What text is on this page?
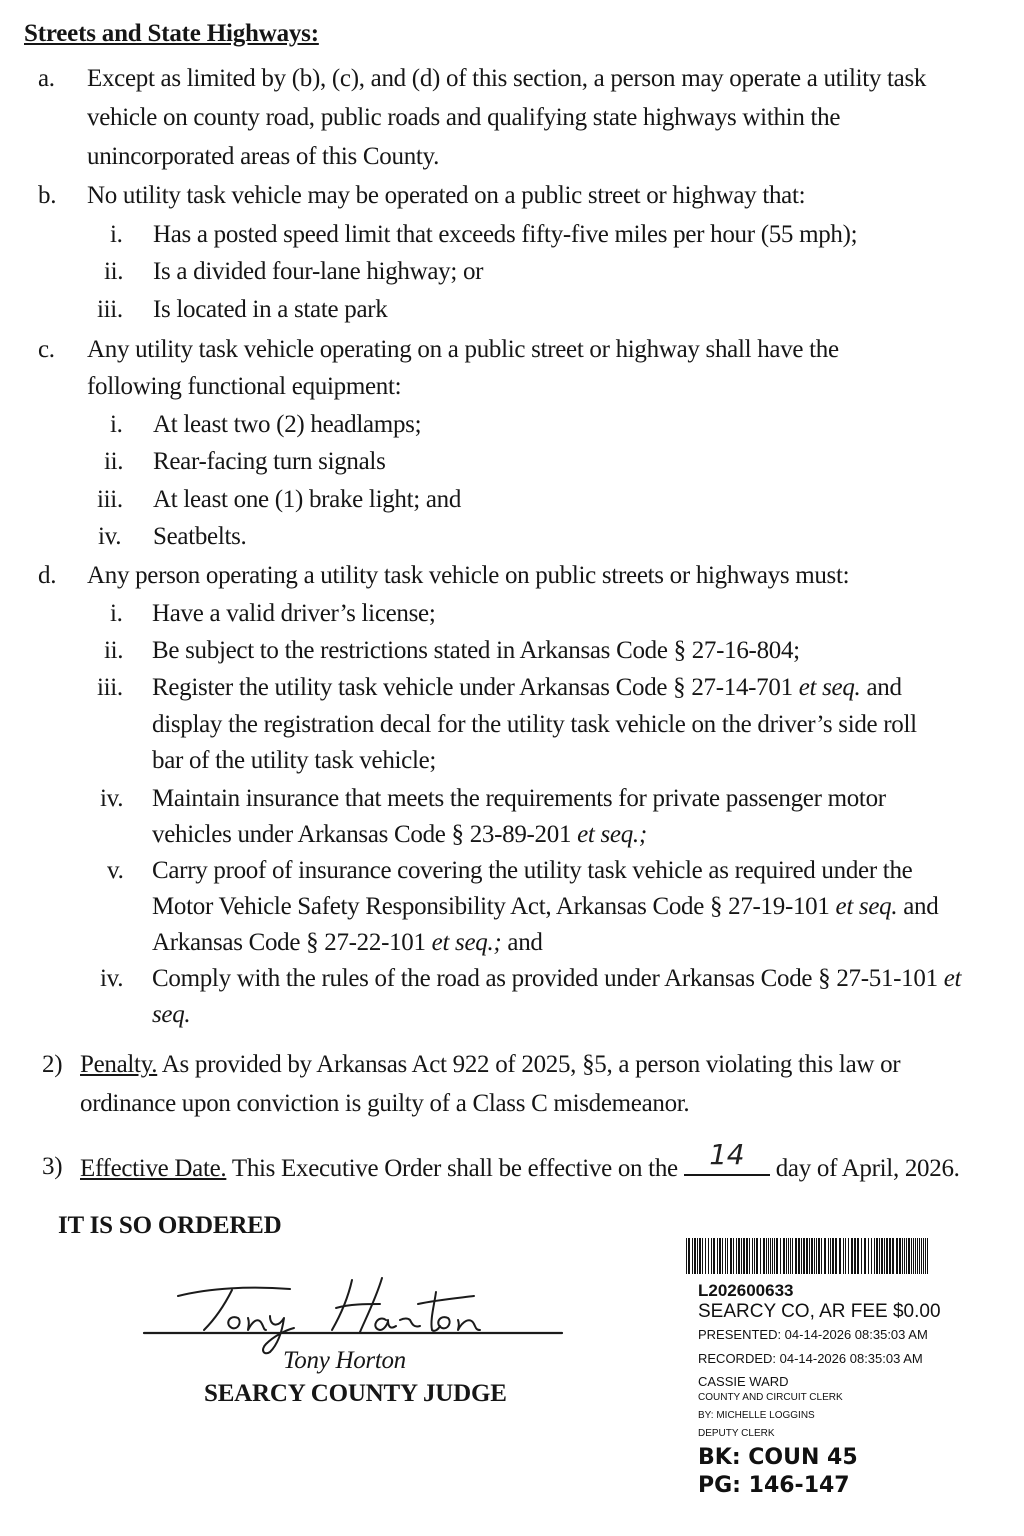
Streets and State Highways:
a. Except as limited by (b), (c), and (d) of this section, a person may operate a utility task
vehicle on county road, public roads and qualifying state highways within the
unincorporated areas of this County.
b. No utility task vehicle may be operated on a public street or highway that:
i. Has a posted speed limit that exceeds fifty-five miles per hour (55 mph);
ii. Is a divided four-lane highway; or
iii. Is located in a state park
c. Any utility task vehicle operating on a public street or highway shall have the
following functional equipment:
i. At least two (2) headlamps;
ii. Rear-facing turn signals
iii. At least one (1) brake light; and
iv. Seatbelts.
d. Any person operating a utility task vehicle on public streets or highways must:
i. Have a valid driver’s license;
ii. Be subject to the restrictions stated in Arkansas Code § 27-16-804;
iii. Register the utility task vehicle under Arkansas Code § 27-14-701 et seq. and
display the registration decal for the utility task vehicle on the driver’s side roll
bar of the utility task vehicle;
iv. Maintain insurance that meets the requirements for private passenger motor
vehicles under Arkansas Code § 23-89-201 et seq.;
v. Carry proof of insurance covering the utility task vehicle as required under the
Motor Vehicle Safety Responsibility Act, Arkansas Code § 27-19-101 et seq. and
Arkansas Code § 27-22-101 et seq.; and
iv. Comply with the rules of the road as provided under Arkansas Code § 27-51-101 et
seq.
2) Penalty. As provided by Arkansas Act 922 of 2025, §5, a person violating this law or
ordinance upon conviction is guilty of a Class C misdemeanor.
3) Effective Date. This Executive Order shall be effective on the 14	day of April, 2026.
IT IS SO ORDERED
Tony Horton
SEARCY COUNTY JUDGE
L202600633
SEARCY CO, AR FEE $0.00
PRESENTED: 04-14-2026 08:35:03 AM
RECORDED: 04-14-2026 08:35:03 AM
CASSIE WARD
COUNTY AND CIRCUIT CLERK
BY: MICHELLE LOGGINS
DEPUTY CLERK
BK: COUN 45
PG: 146-147
